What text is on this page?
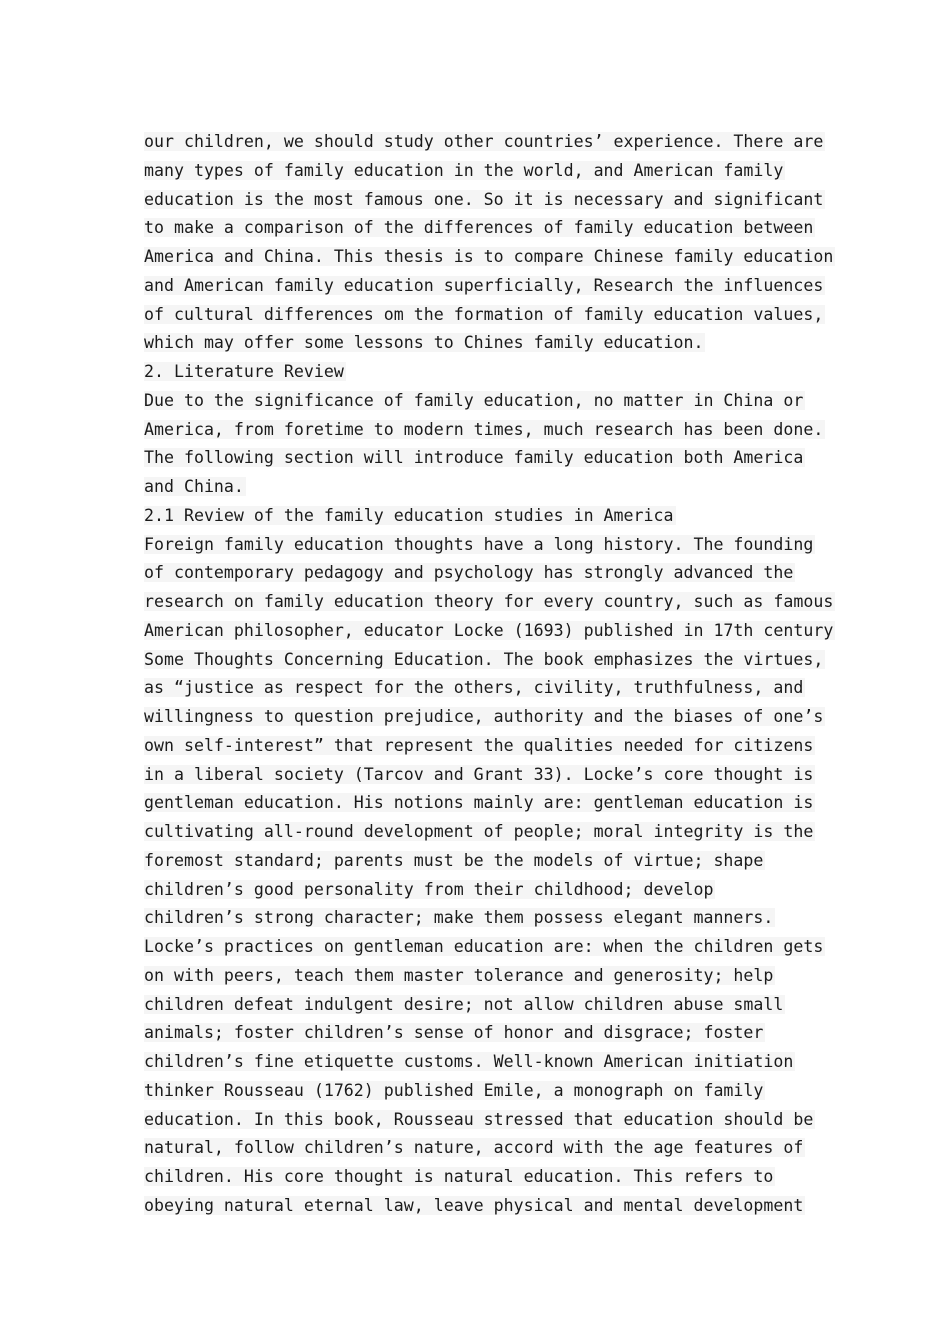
our children, we should study other countries’ experience. There are
many types of family education in the world, and American family
education is the most famous one. So it is necessary and significant
to make a comparison of the differences of family education between
America and China. This thesis is to compare Chinese family education
and American family education superficially, Research the influences
of cultural differences om the formation of family education values,
which may offer some lessons to Chines family education.
2. Literature Review
Due to the significance of family education, no matter in China or
America, from foretime to modern times, much research has been done.
The following section will introduce family education both America
and China.
2.1 Review of the family education studies in America
Foreign family education thoughts have a long history. The founding
of contemporary pedagogy and psychology has strongly advanced the
research on family education theory for every country, such as famous
American philosopher, educator Locke (1693) published in 17th century
Some Thoughts Concerning Education. The book emphasizes the virtues,
as “justice as respect for the others, civility, truthfulness, and
willingness to question prejudice, authority and the biases of one’s
own self-interest” that represent the qualities needed for citizens
in a liberal society (Tarcov and Grant 33). Locke’s core thought is
gentleman education. His notions mainly are: gentleman education is
cultivating all-round development of people; moral integrity is the
foremost standard; parents must be the models of virtue; shape
children’s good personality from their childhood; develop
children’s strong character; make them possess elegant manners.
Locke’s practices on gentleman education are: when the children gets
on with peers, teach them master tolerance and generosity; help
children defeat indulgent desire; not allow children abuse small
animals; foster children’s sense of honor and disgrace; foster
children’s fine etiquette customs. Well-known American initiation
thinker Rousseau (1762) published Emile, a monograph on family
education. In this book, Rousseau stressed that education should be
natural, follow children’s nature, accord with the age features of
children. His core thought is natural education. This refers to
obeying natural eternal law, leave physical and mental development
